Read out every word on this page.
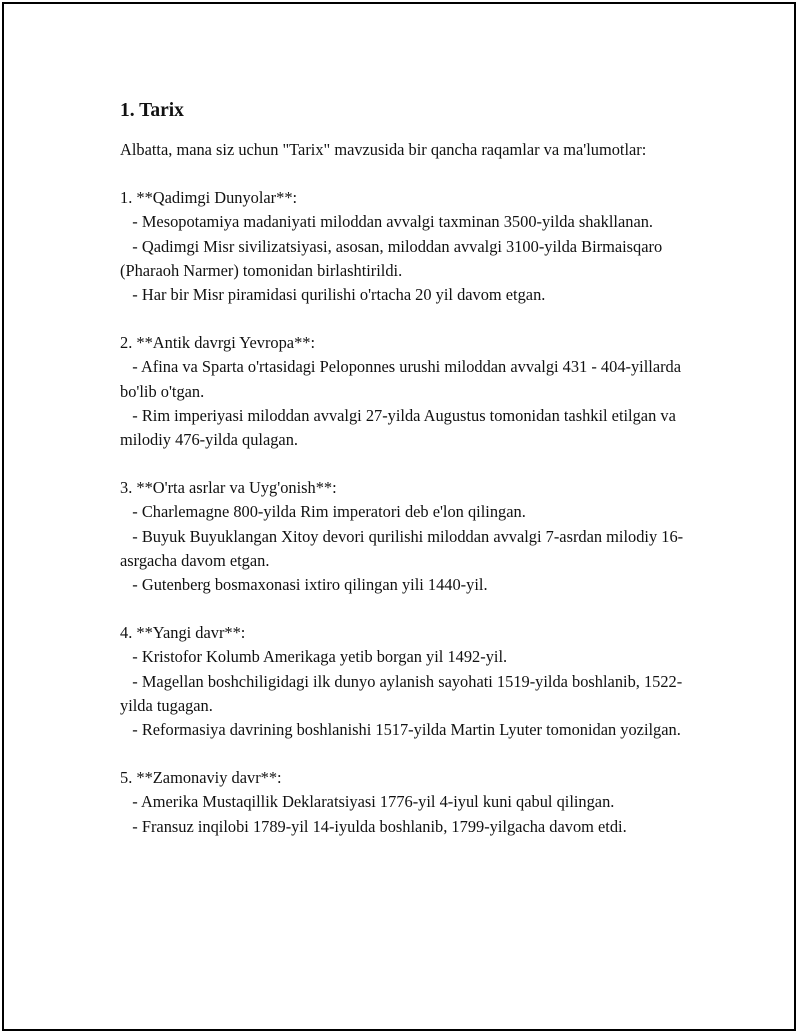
1. Tarix

Albatta, mana siz uchun "Tarix" mavzusida bir qancha raqamlar va ma'lumotlar:

1. **Qadimgi Dunyolar**:
- Mesopotamiya madaniyati miloddan avvalgi taxminan 3500-yilda shakllanan.
- Qadimgi Misr sivilizatsiyasi, asosan, miloddan avvalgi 3100-yilda Birmaisqaro (Pharaoh Narmer) tomonidan birlashtirildi.
- Har bir Misr piramidasi qurilishi o'rtacha 20 yil davom etgan.
2. **Antik davrgi Yevropa**:
- Afina va Sparta o'rtasidagi Peloponnes urushi miloddan avvalgi 431 - 404-yillarda bo'lib o'tgan.
- Rim imperiyasi miloddan avvalgi 27-yilda Augustus tomonidan tashkil etilgan va milodiy 476-yilda qulagan.
3. **O'rta asrlar va Uyg'onish**:
- Charlemagne 800-yilda Rim imperatori deb e'lon qilingan.
- Buyuk Buyuklangan Xitoy devori qurilishi miloddan avvalgi 7-asrdan milodiy 16-asrgacha davom etgan.
- Gutenberg bosmaxonasi ixtiro qilingan yili 1440-yil.
4. **Yangi davr**:
- Kristofor Kolumb Amerikaga yetib borgan yil 1492-yil.
- Magellan boshchiligidagi ilk dunyo aylanish sayohati 1519-yilda boshlanib, 1522-yilda tugagan.
- Reformasiya davrining boshlanishi 1517-yilda Martin Lyuter tomonidan yozilgan.
5. **Zamonaviy davr**:
- Amerika Mustaqillik Deklaratsiyasi 1776-yil 4-iyul kuni qabul qilingan.
- Fransuz inqilobi 1789-yil 14-iyulda boshlanib, 1799-yilgacha davom etdi.
